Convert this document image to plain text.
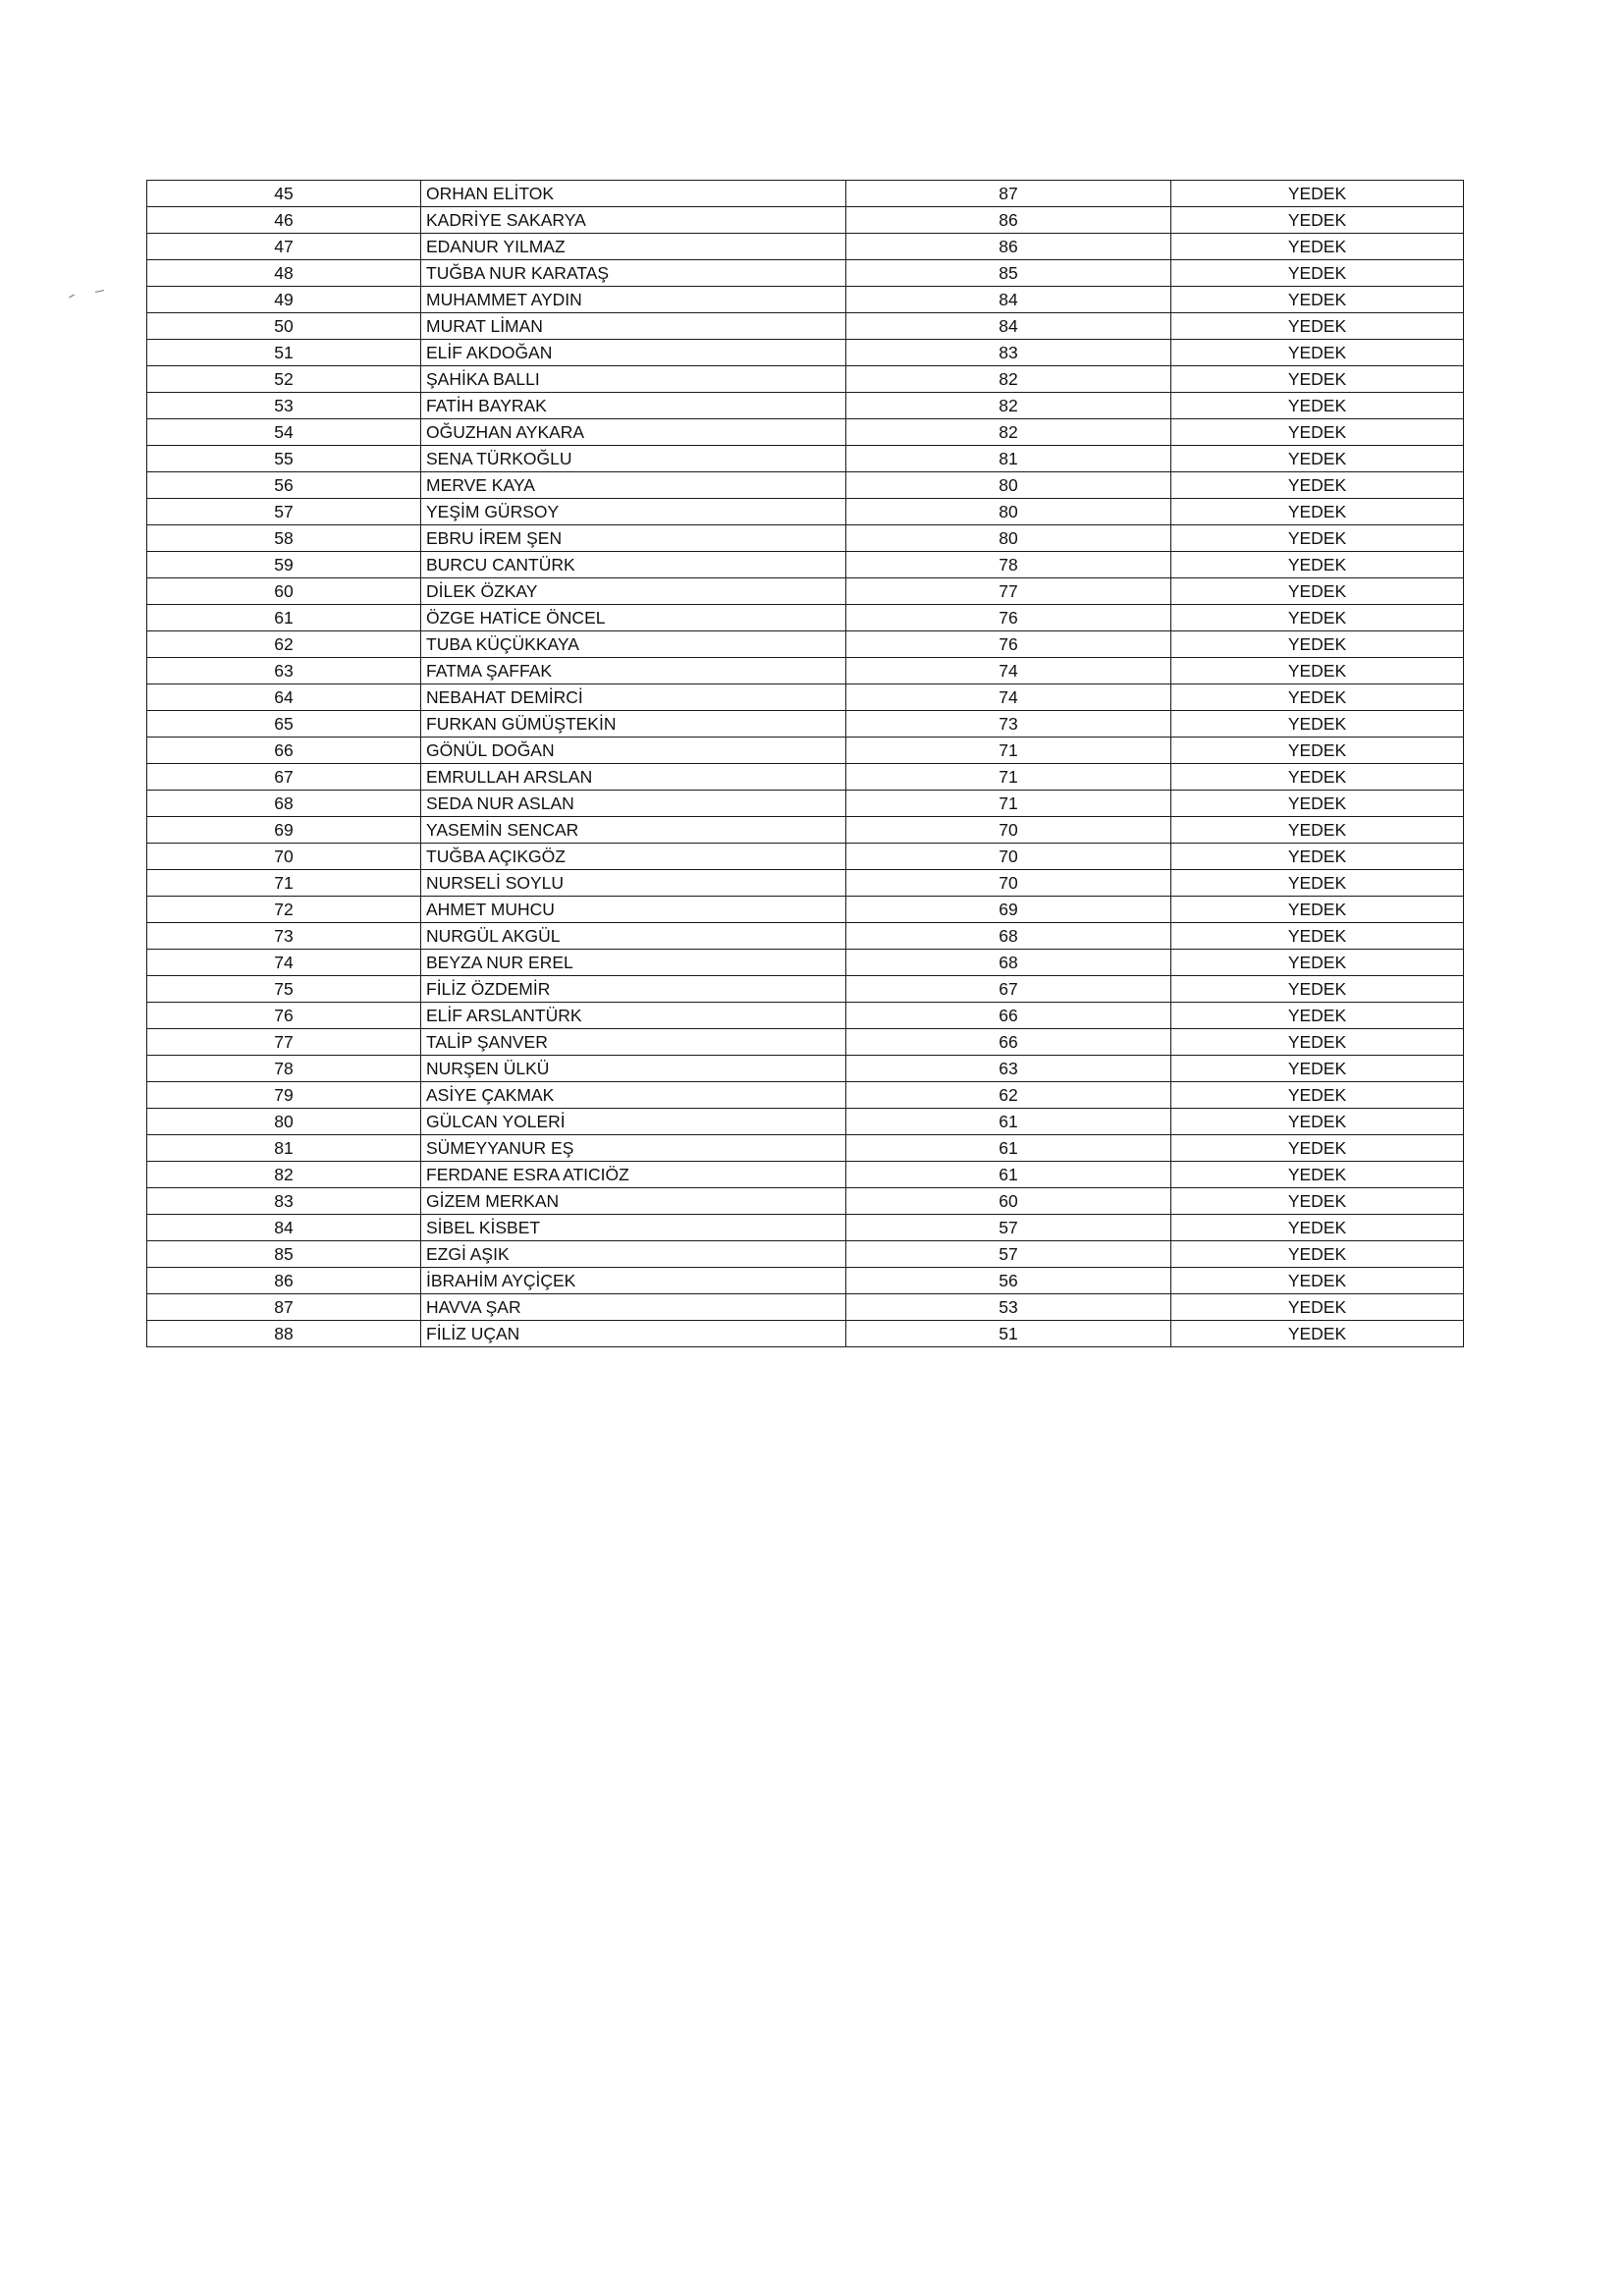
45	ORHAN ELİTOK	87	YEDEK
46	KADRİYE SAKARYA	86	YEDEK
47	EDANUR YILMAZ	86	YEDEK
48	TUĞBA NUR KARATAŞ	85	YEDEK
49	MUHAMMET AYDIN	84	YEDEK
50	MURAT LİMAN	84	YEDEK
51	ELİF AKDOĞAN	83	YEDEK
52	ŞAHİKA BALLI	82	YEDEK
53	FATİH BAYRAK	82	YEDEK
54	OĞUZHAN AYKARA	82	YEDEK
55	SENA TÜRKOĞLU	81	YEDEK
56	MERVE KAYA	80	YEDEK
57	YEŞİM GÜRSOY	80	YEDEK
58	EBRU İREM ŞEN	80	YEDEK
59	BURCU CANTÜRK	78	YEDEK
60	DİLEK ÖZKAY	77	YEDEK
61	ÖZGE HATİCE ÖNCEL	76	YEDEK
62	TUBA KÜÇÜKKAYA	76	YEDEK
63	FATMA ŞAFFAK	74	YEDEK
64	NEBAHAT DEMİRCİ	74	YEDEK
65	FURKAN GÜMÜŞTEKİN	73	YEDEK
66	GÖNÜL DOĞAN	71	YEDEK
67	EMRULLAH ARSLAN	71	YEDEK
68	SEDA NUR ASLAN	71	YEDEK
69	YASEMİN SENCAR	70	YEDEK
70	TUĞBA AÇIKGÖZ	70	YEDEK
71	NURSELİ SOYLU	70	YEDEK
72	AHMET MUHCU	69	YEDEK
73	NURGÜL AKGÜL	68	YEDEK
74	BEYZA NUR EREL	68	YEDEK
75	FİLİZ ÖZDEMİR	67	YEDEK
76	ELİF ARSLANTÜRK	66	YEDEK
77	TALİP ŞANVER	66	YEDEK
78	NURŞEN ÜLKÜ	63	YEDEK
79	ASİYE ÇAKMAK	62	YEDEK
80	GÜLCAN YOLERİ	61	YEDEK
81	SÜMEYYANUR EŞ	61	YEDEK
82	FERDANE ESRA ATICIÖZ	61	YEDEK
83	GİZEM MERKAN	60	YEDEK
84	SİBEL KİSBET	57	YEDEK
85	EZGİ AŞIK	57	YEDEK
86	İBRAHİM AYÇİÇEK	56	YEDEK
87	HAVVA ŞAR	53	YEDEK
88	FİLİZ UÇAN	51	YEDEK
